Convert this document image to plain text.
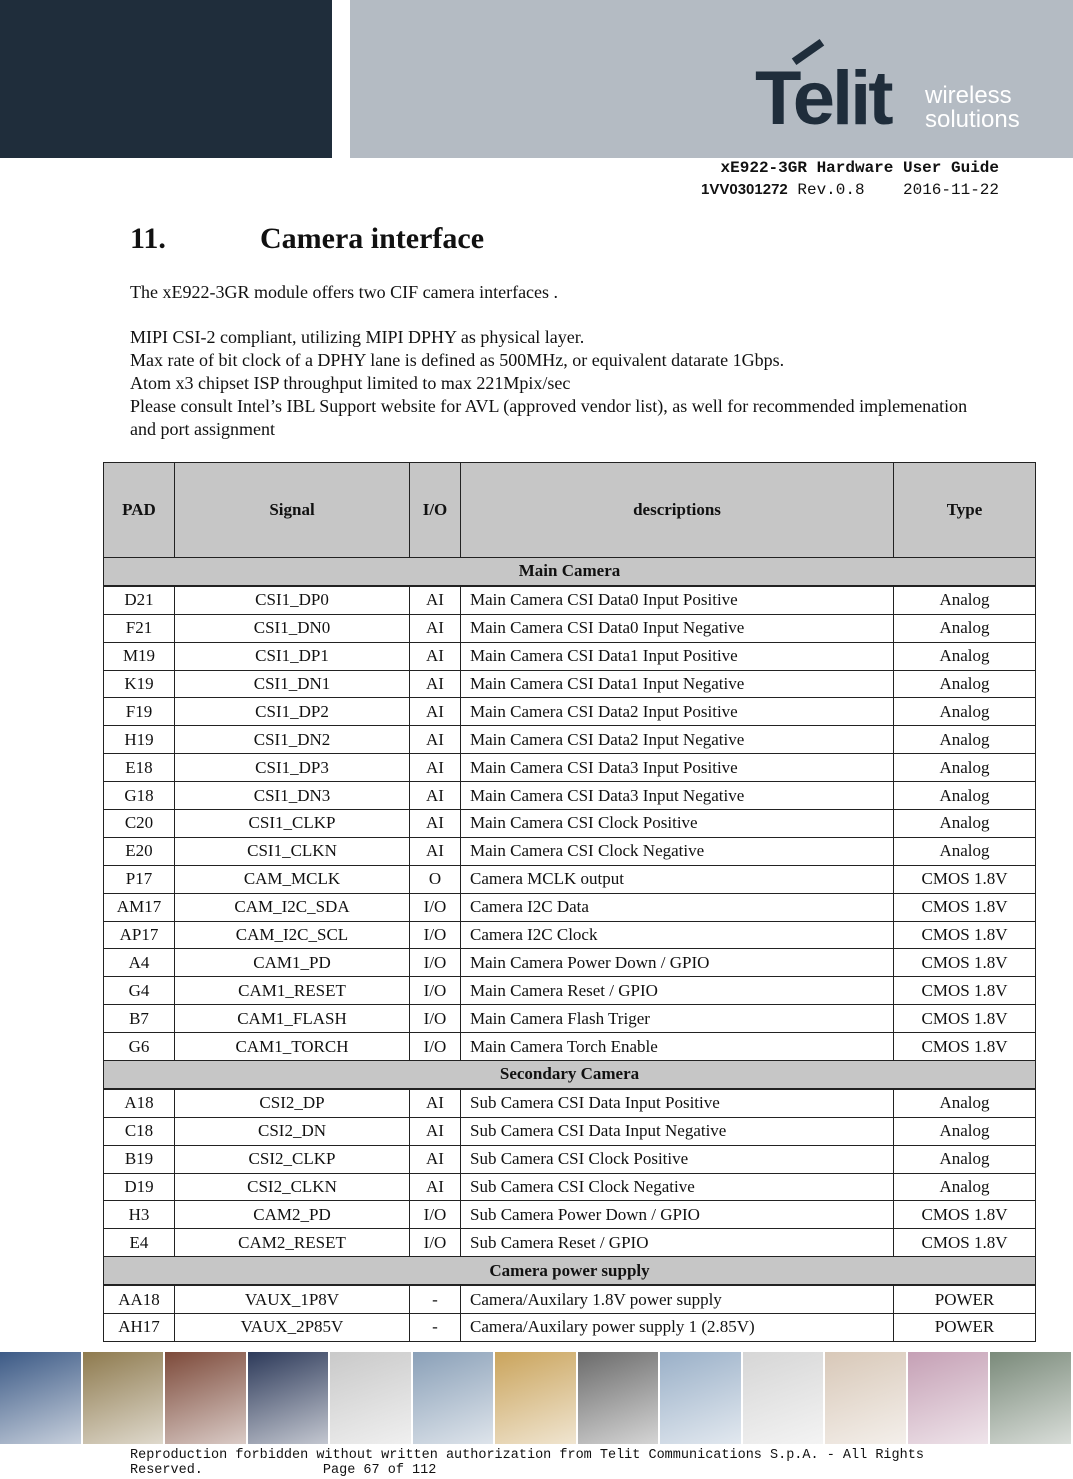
Telit wireless
solutions
xE922-3GR Hardware User Guide
1VV0301272 Rev.0.8 2016-11-22
11.	Camera interface
The xE922-3GR module offers two CIF camera interfaces .

MIPI CSI-2 compliant, utilizing MIPI DPHY as physical layer.

Max rate of bit clock of a DPHY lane is defined as 500MHz, or equivalent datarate 1Gbps.

Atom x3 chipset ISP throughput limited to max 221Mpix/sec

Please consult Intel’s IBL Support website for AVL (approved vendor list), as well for recommended implemenation and port assignment

PAD	Signal	I/O	descriptions	Type
Main Camera				
D21	CSI1_DP0	AI	Main Camera CSI Data0 Input Positive	Analog
F21	CSI1_DN0	AI	Main Camera CSI Data0 Input Negative	Analog
M19	CSI1_DP1	AI	Main Camera CSI Data1 Input Positive	Analog
K19	CSI1_DN1	AI	Main Camera CSI Data1 Input Negative	Analog
F19	CSI1_DP2	AI	Main Camera CSI Data2 Input Positive	Analog
H19	CSI1_DN2	AI	Main Camera CSI Data2 Input Negative	Analog
E18	CSI1_DP3	AI	Main Camera CSI Data3 Input Positive	Analog
G18	CSI1_DN3	AI	Main Camera CSI Data3 Input Negative	Analog
C20	CSI1_CLKP	AI	Main Camera CSI Clock Positive	Analog
E20	CSI1_CLKN	AI	Main Camera CSI Clock Negative	Analog
P17	CAM_MCLK	O	Camera MCLK output	CMOS 1.8V
AM17	CAM_I2C_SDA	I/O	Camera I2C Data	CMOS 1.8V
AP17	CAM_I2C_SCL	I/O	Camera I2C Clock	CMOS 1.8V
A4	CAM1_PD	I/O	Main Camera Power Down / GPIO	CMOS 1.8V
G4	CAM1_RESET	I/O	Main Camera Reset / GPIO	CMOS 1.8V
B7	CAM1_FLASH	I/O	Main Camera Flash Triger	CMOS 1.8V
G6	CAM1_TORCH	I/O	Main Camera Torch Enable	CMOS 1.8V
Secondary Camera				
A18	CSI2_DP	AI	Sub Camera CSI Data Input Positive	Analog
C18	CSI2_DN	AI	Sub Camera CSI Data Input Negative	Analog
B19	CSI2_CLKP	AI	Sub Camera CSI Clock Positive	Analog
D19	CSI2_CLKN	AI	Sub Camera CSI Clock Negative	Analog
H3	CAM2_PD	I/O	Sub Camera Power Down / GPIO	CMOS 1.8V
E4	CAM2_RESET	I/O	Sub Camera Reset / GPIO	CMOS 1.8V
Camera power supply				
AA18	VAUX_1P8V	-	Camera/Auxilary 1.8V power supply	POWER
AH17	VAUX_2P85V	-	Camera/Auxilary power supply 1 (2.85V)	POWER
Reproduction forbidden without written authorization from Telit Communications S.p.A. - All Rights
Reserved.	Page 67 of 112
